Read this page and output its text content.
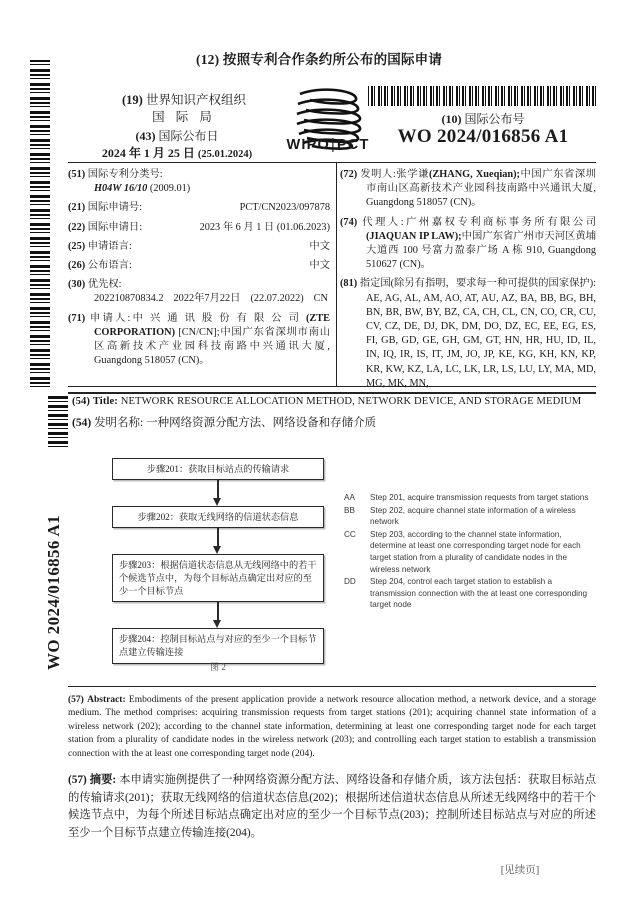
WO 2024/016856 A1
(12) 按照专利合作条约所公布的国际申请
(19) 世界知识产权组织
国 际 局
(43) 国际公布日
2024 年 1 月 25 日 (25.01.2024)
WIPO|PCT
(10) 国际公布号
WO 2024/016856 A1
(51) 国际专利分类号:
H04W 16/10 (2009.01)
(21) 国际申请号:	PCT/CN2023/097878
(22) 国际申请日:	2023 年 6 月 1 日 (01.06.2023)
(25) 申请语言:	中文
(26) 公布语言:	中文
(30) 优先权:
202210870834.2 2022年7月22日 (22.07.2022) CN
(71) 申请人:中 兴 通 讯 股 份 有 限 公 司 (ZTE CORPORATION) [CN/CN];中国广东省深圳市南山区高新技术产业园科技南路中兴通讯大厦, Guangdong 518057 (CN)。
(72) 发明人:张学谦(ZHANG, Xueqian);中国广东省深圳市南山区高新技术产业园科技南路中兴通讯大厦, Guangdong 518057 (CN)。
(74) 代理人:广州嘉权专利商标事务所有限公司 (JIAQUAN IP LAW);中国广东省广州市天河区黄埔大道西 100 号富力盈泰广场 A 栋 910, Guangdong 510627 (CN)。
(81) 指定国(除另有指明，要求每一种可提供的国家保护): AE, AG, AL, AM, AO, AT, AU, AZ, BA, BB, BG, BH, BN, BR, BW, BY, BZ, CA, CH, CL, CN, CO, CR, CU, CV, CZ, DE, DJ, DK, DM, DO, DZ, EC, EE, EG, ES, FI, GB, GD, GE, GH, GM, GT, HN, HR, HU, ID, IL, IN, IQ, IR, IS, IT, JM, JO, JP, KE, KG, KH, KN, KP, KR, KW, KZ, LA, LC, LK, LR, LS, LU, LY, MA, MD, MG, MK, MN,
(54) Title: NETWORK RESOURCE ALLOCATION METHOD, NETWORK DEVICE, AND STORAGE MEDIUM
(54) 发明名称: 一种网络资源分配方法、网络设备和存储介质
步骤201：获取目标站点的传输请求
步骤202：获取无线网络的信道状态信息
步骤203：根据信道状态信息从无线网络中的若干个候选节点中，为每个目标站点确定出对应的至少一个目标节点
步骤204：控制目标站点与对应的至少一个目标节点建立传输连接
图 2
AA	Step 201, acquire transmission requests from target stations
BB	Step 202, acquire channel state information of a wireless network
CC	Step 203, according to the channel state information, determine at least one corresponding target node for each target station from a plurality of candidate nodes in the wireless network
DD	Step 204, control each target station to establish a transmission connection with the at least one corresponding target node
(57) Abstract: Embodiments of the present application provide a network resource allocation method, a network device, and a storage medium. The method comprises: acquiring transmission requests from target stations (201); acquiring channel state information of a wireless network (202); according to the channel state information, determining at least one corresponding target node for each target station from a plurality of candidate nodes in the wireless network (203); and controlling each target station to establish a transmission connection with the at least one corresponding target node (204).
(57) 摘要: 本申请实施例提供了一种网络资源分配方法、网络设备和存储介质，该方法包括：获取目标站点的传输请求(201)；获取无线网络的信道状态信息(202)；根据所述信道状态信息从所述无线网络中的若干个候选节点中，为每个所述目标站点确定出对应的至少一个目标节点(203)；控制所述目标站点与对应的所述至少一个目标节点建立传输连接(204)。
[见续页]
